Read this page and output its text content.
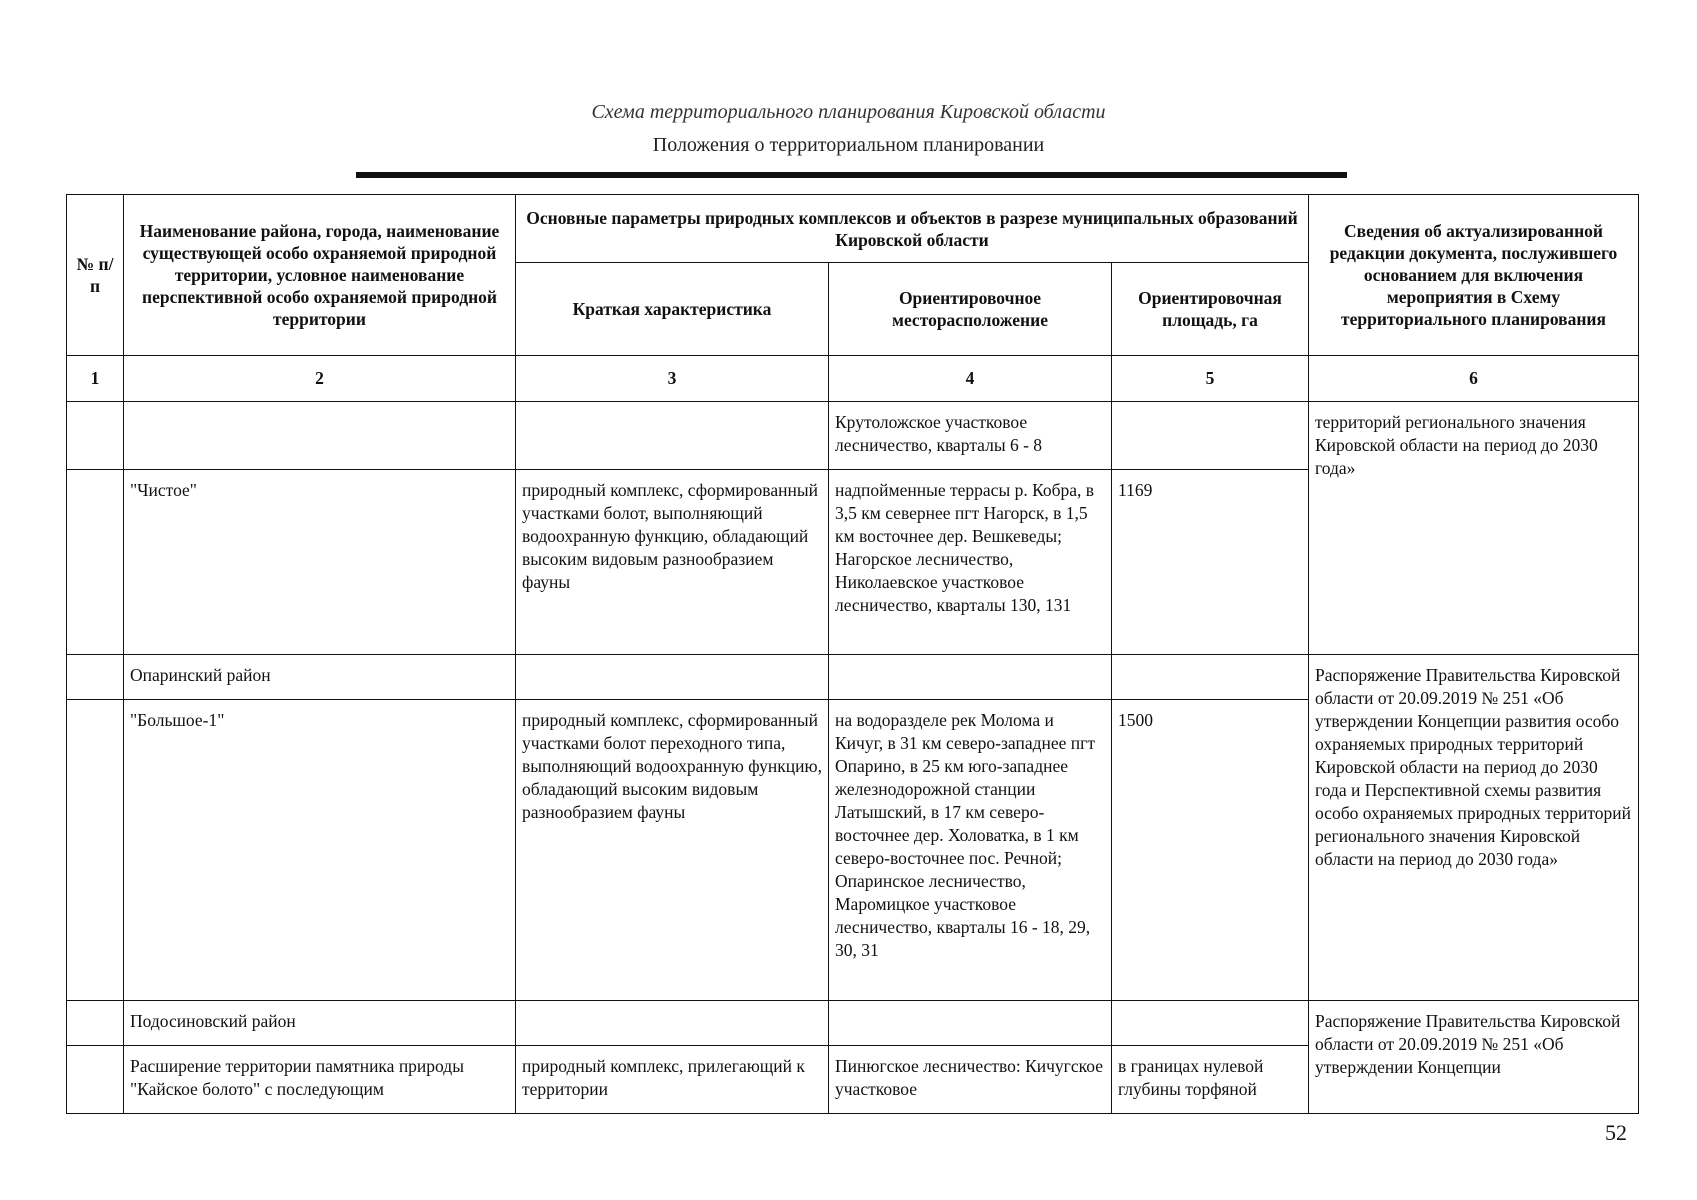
Схема территориального планирования Кировской области
Положения о территориальном планировании
№ п/п	Наименование района, города, наименование существующей особо охраняемой природной территории, условное наименование перспективной особо охраняемой природной территории	Основные параметры природных комплексов и объектов в разрезе муниципальных образований Кировской области			Сведения об актуализированной редакции документа, послужившего основанием для включения мероприятия в Схему территориального планирования
		Краткая характеристика	Ориентировочное месторасположение	Ориентировочная площадь, га	
1	2	3	4	5	6
			Крутоложское участковое лесничество, кварталы 6 - 8		территорий регионального значения Кировской области на период до 2030 года»
	"Чистое"	природный комплекс, сформированный участками болот, выполняющий водоохранную функцию, обладающий высоким видовым разнообразием фауны	надпойменные террасы р. Кобра, в 3,5 км севернее пгт Нагорск, в 1,5 км восточнее дер. Вешкеведы; Нагорское лесничество, Николаевское участковое лесничество, кварталы 130, 131	1169	
	Опаринский район				Распоряжение Правительства Кировской области от 20.09.2019 № 251 «Об утверждении Концепции развития особо охраняемых природных территорий Кировской области на период до 2030 года и Перспективной схемы развития особо охраняемых природных территорий регионального значения Кировской области на период до 2030 года»
	"Большое-1"	природный комплекс, сформированный участками болот переходного типа, выполняющий водоохранную функцию, обладающий высоким видовым разнообразием фауны	на водоразделе рек Молома и Кичуг, в 31 км северо-западнее пгт Опарино, в 25 км юго-западнее железнодорожной станции Латышский, в 17 км северо-восточнее дер. Холоватка, в 1 км северо-восточнее пос. Речной; Опаринское лесничество, Маромицкое участковое лесничество, кварталы 16 - 18, 29, 30, 31	1500	
	Подосиновский район				Распоряжение Правительства Кировской области от 20.09.2019 № 251 «Об утверждении Концепции
	Расширение территории памятника природы "Кайское болото" с последующим	природный комплекс, прилегающий к территории	Пинюгское лесничество: Кичугское участковое	в границах нулевой глубины торфяной	
52
